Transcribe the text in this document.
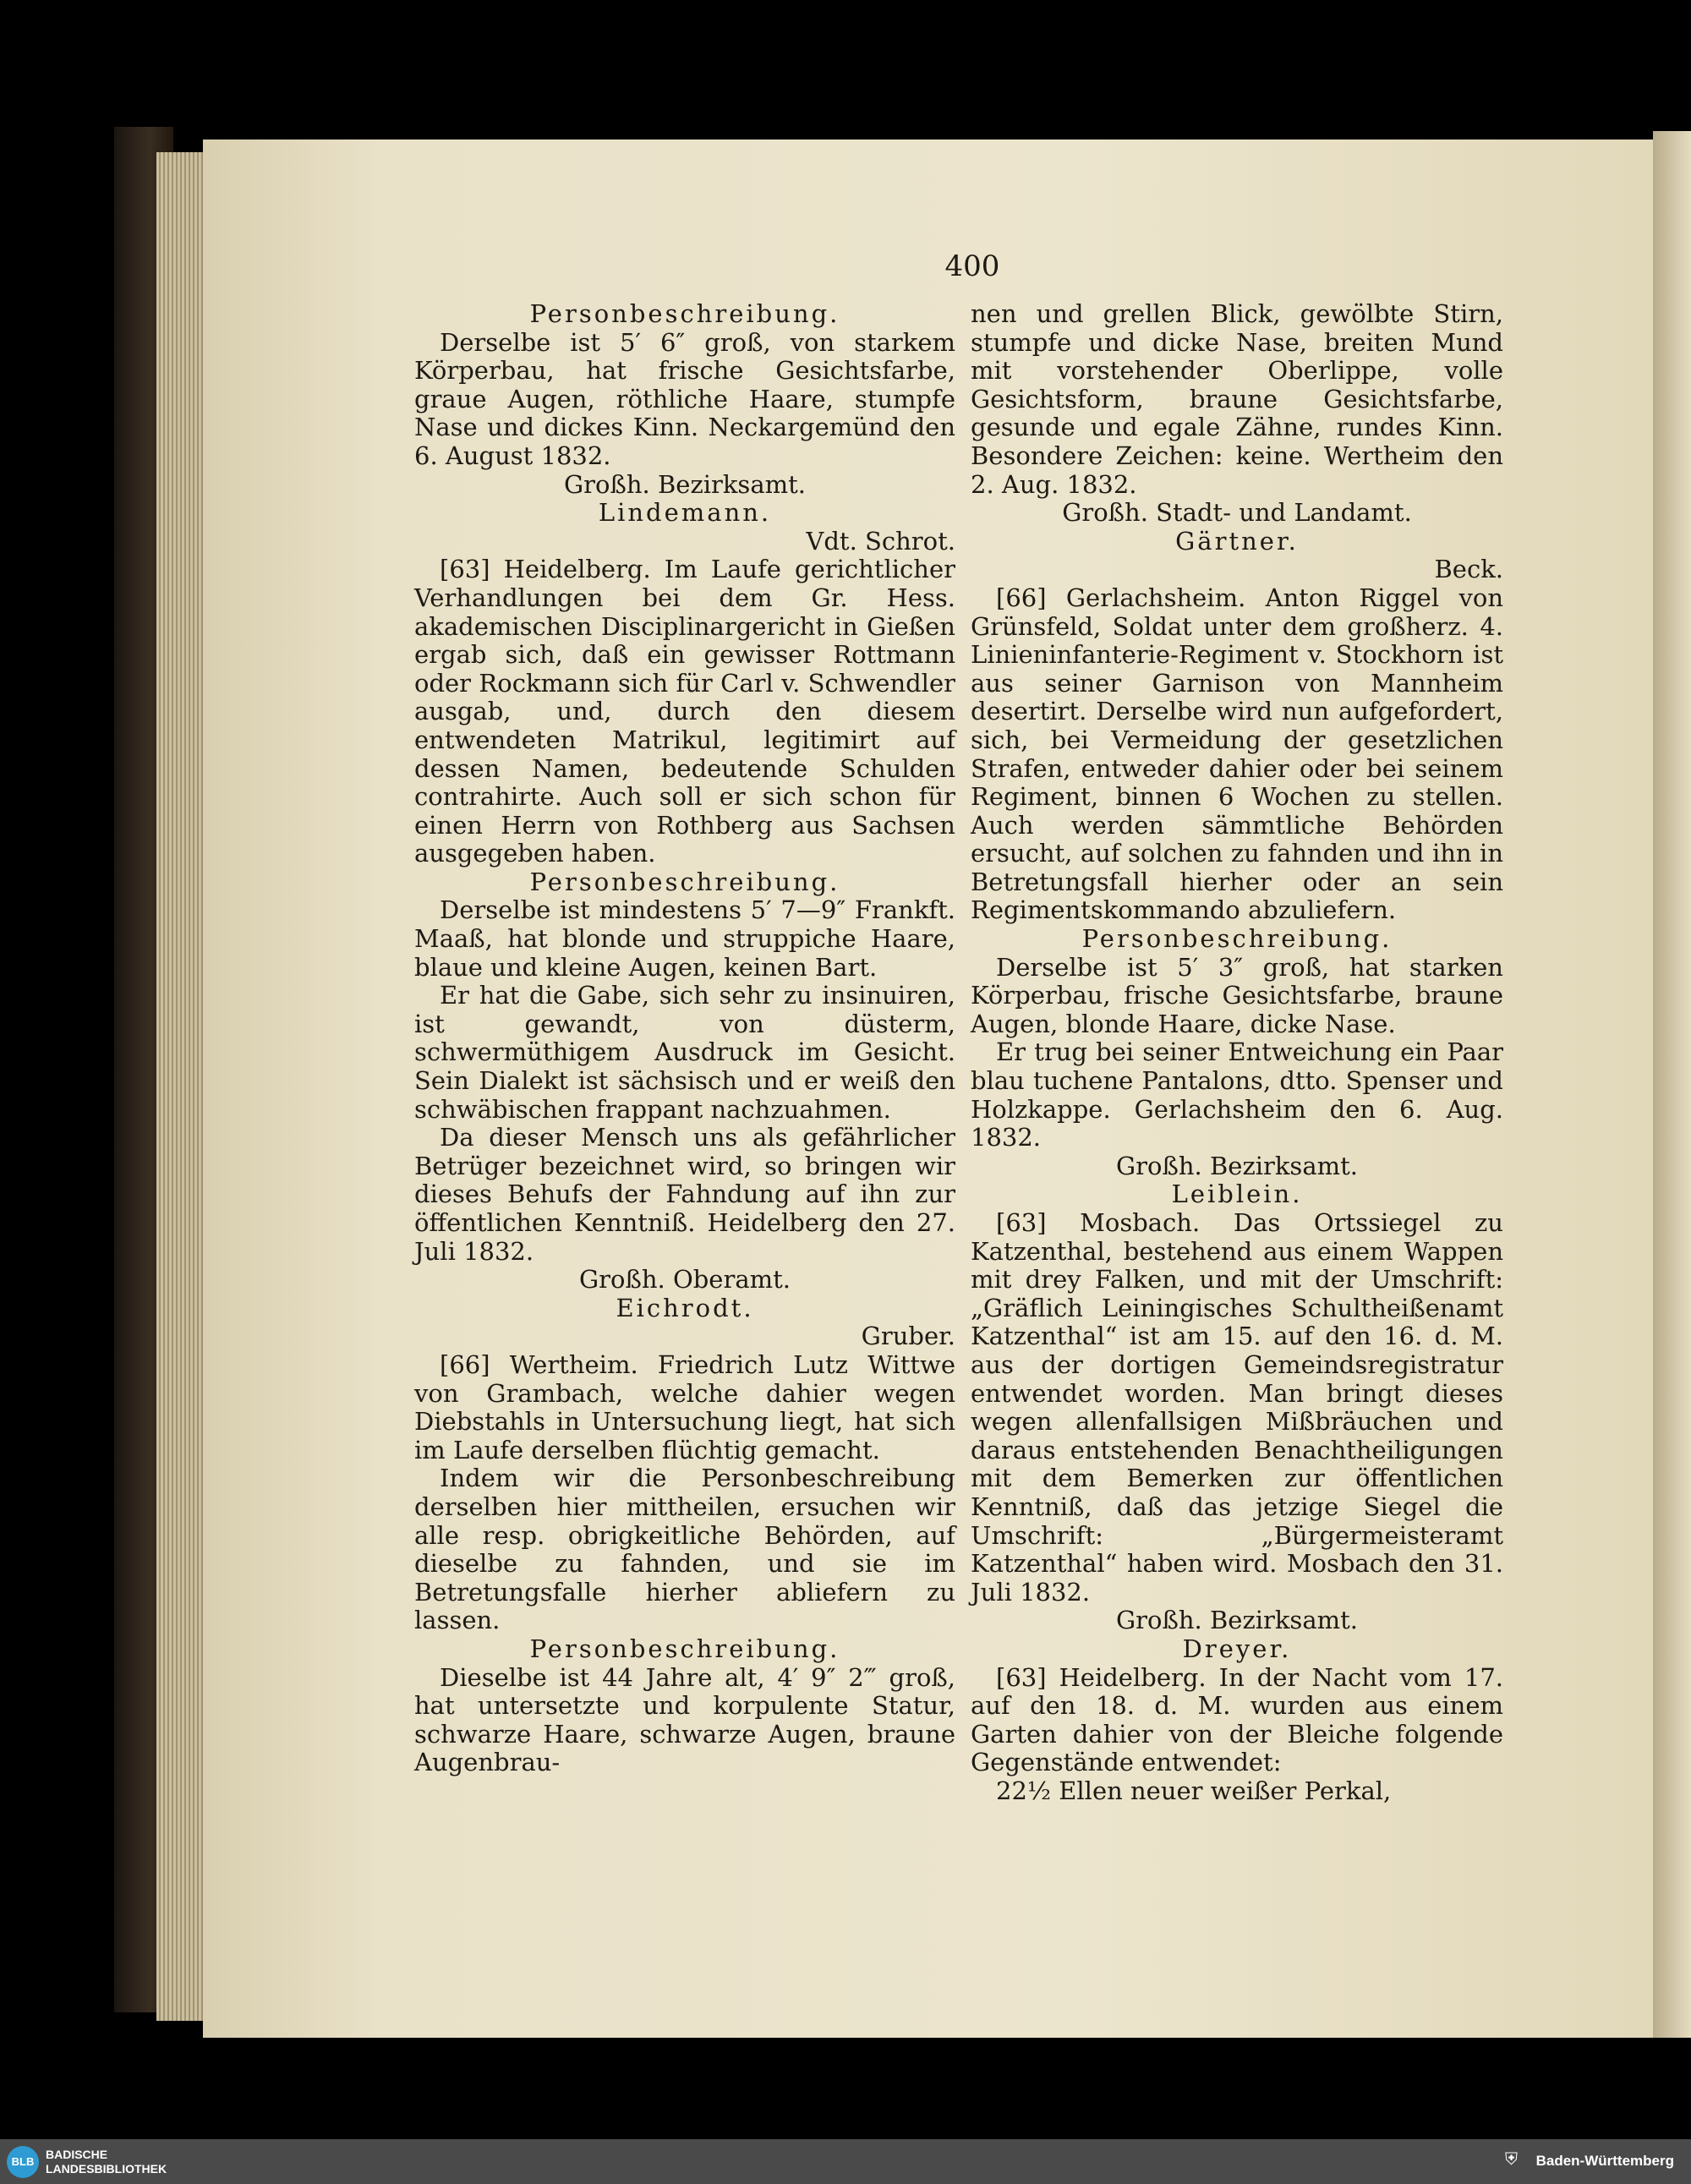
400

Personbeschreibung.

Derselbe ist 5′ 6″ groß, von starkem Körperbau, hat frische Gesichtsfarbe, graue Augen, röthliche Haare, stumpfe Nase und dickes Kinn. Neckargemünd den 6. August 1832.

Großh. Bezirksamt.

Lindemann.

Vdt. Schrot.

[63] Heidelberg. Im Laufe gerichtlicher Verhandlungen bei dem Gr. Hess. akademischen Disciplinargericht in Gießen ergab sich, daß ein gewisser Rottmann oder Rockmann sich für Carl v. Schwendler ausgab, und, durch den diesem entwendeten Matrikul, legitimirt auf dessen Namen, bedeutende Schulden contrahirte. Auch soll er sich schon für einen Herrn von Rothberg aus Sachsen ausgegeben haben.

Personbeschreibung.

Derselbe ist mindestens 5′ 7—9″ Frankft. Maaß, hat blonde und struppiche Haare, blaue und kleine Augen, keinen Bart.

Er hat die Gabe, sich sehr zu insinuiren, ist gewandt, von düsterm, schwermüthigem Ausdruck im Gesicht. Sein Dialekt ist sächsisch und er weiß den schwäbischen frappant nachzuahmen.

Da dieser Mensch uns als gefährlicher Betrüger bezeichnet wird, so bringen wir dieses Behufs der Fahndung auf ihn zur öffentlichen Kenntniß. Heidelberg den 27. Juli 1832.

Großh. Oberamt.

Eichrodt.

Gruber.

[66] Wertheim. Friedrich Lutz Wittwe von Grambach, welche dahier wegen Diebstahls in Untersuchung liegt, hat sich im Laufe derselben flüchtig gemacht.

Indem wir die Personbeschreibung derselben hier mittheilen, ersuchen wir alle resp. obrigkeitliche Behörden, auf dieselbe zu fahnden, und sie im Betretungsfalle hierher abliefern zu lassen.

Personbeschreibung.

Dieselbe ist 44 Jahre alt, 4′ 9″ 2‴ groß, hat untersetzte und korpulente Statur, schwarze Haare, schwarze Augen, braune Augenbrau-

nen und grellen Blick, gewölbte Stirn, stumpfe und dicke Nase, breiten Mund mit vorstehender Oberlippe, volle Gesichtsform, braune Gesichtsfarbe, gesunde und egale Zähne, rundes Kinn. Besondere Zeichen: keine. Wertheim den 2. Aug. 1832.

Großh. Stadt- und Landamt.

Gärtner.

Beck.

[66] Gerlachsheim. Anton Riggel von Grünsfeld, Soldat unter dem großherz. 4. Linieninfanterie-Regiment v. Stockhorn ist aus seiner Garnison von Mannheim desertirt. Derselbe wird nun aufgefordert, sich, bei Vermeidung der gesetzlichen Strafen, entweder dahier oder bei seinem Regiment, binnen 6 Wochen zu stellen. Auch werden sämmtliche Behörden ersucht, auf solchen zu fahnden und ihn in Betretungsfall hierher oder an sein Regimentskommando abzuliefern.

Personbeschreibung.

Derselbe ist 5′ 3″ groß, hat starken Körperbau, frische Gesichtsfarbe, braune Augen, blonde Haare, dicke Nase.

Er trug bei seiner Entweichung ein Paar blau tuchene Pantalons, dtto. Spenser und Holzkappe. Gerlachsheim den 6. Aug. 1832.

Großh. Bezirksamt.

Leiblein.

[63] Mosbach. Das Ortssiegel zu Katzenthal, bestehend aus einem Wappen mit drey Falken, und mit der Umschrift: „Gräflich Leiningisches Schultheißenamt Katzenthal“ ist am 15. auf den 16. d. M. aus der dortigen Gemeindsregistratur entwendet worden. Man bringt dieses wegen allenfallsigen Mißbräuchen und daraus entstehenden Benachtheiligungen mit dem Bemerken zur öffentlichen Kenntniß, daß das jetzige Siegel die Umschrift: „Bürgermeisteramt Katzenthal“ haben wird. Mosbach den 31. Juli 1832.

Großh. Bezirksamt.

Dreyer.

[63] Heidelberg. In der Nacht vom 17. auf den 18. d. M. wurden aus einem Garten dahier von der Bleiche folgende Gegenstände entwendet:

22½ Ellen neuer weißer Perkal,

BLB
BADISCHE
LANDESBIBLIOTHEK	⛨ Baden-Württemberg
